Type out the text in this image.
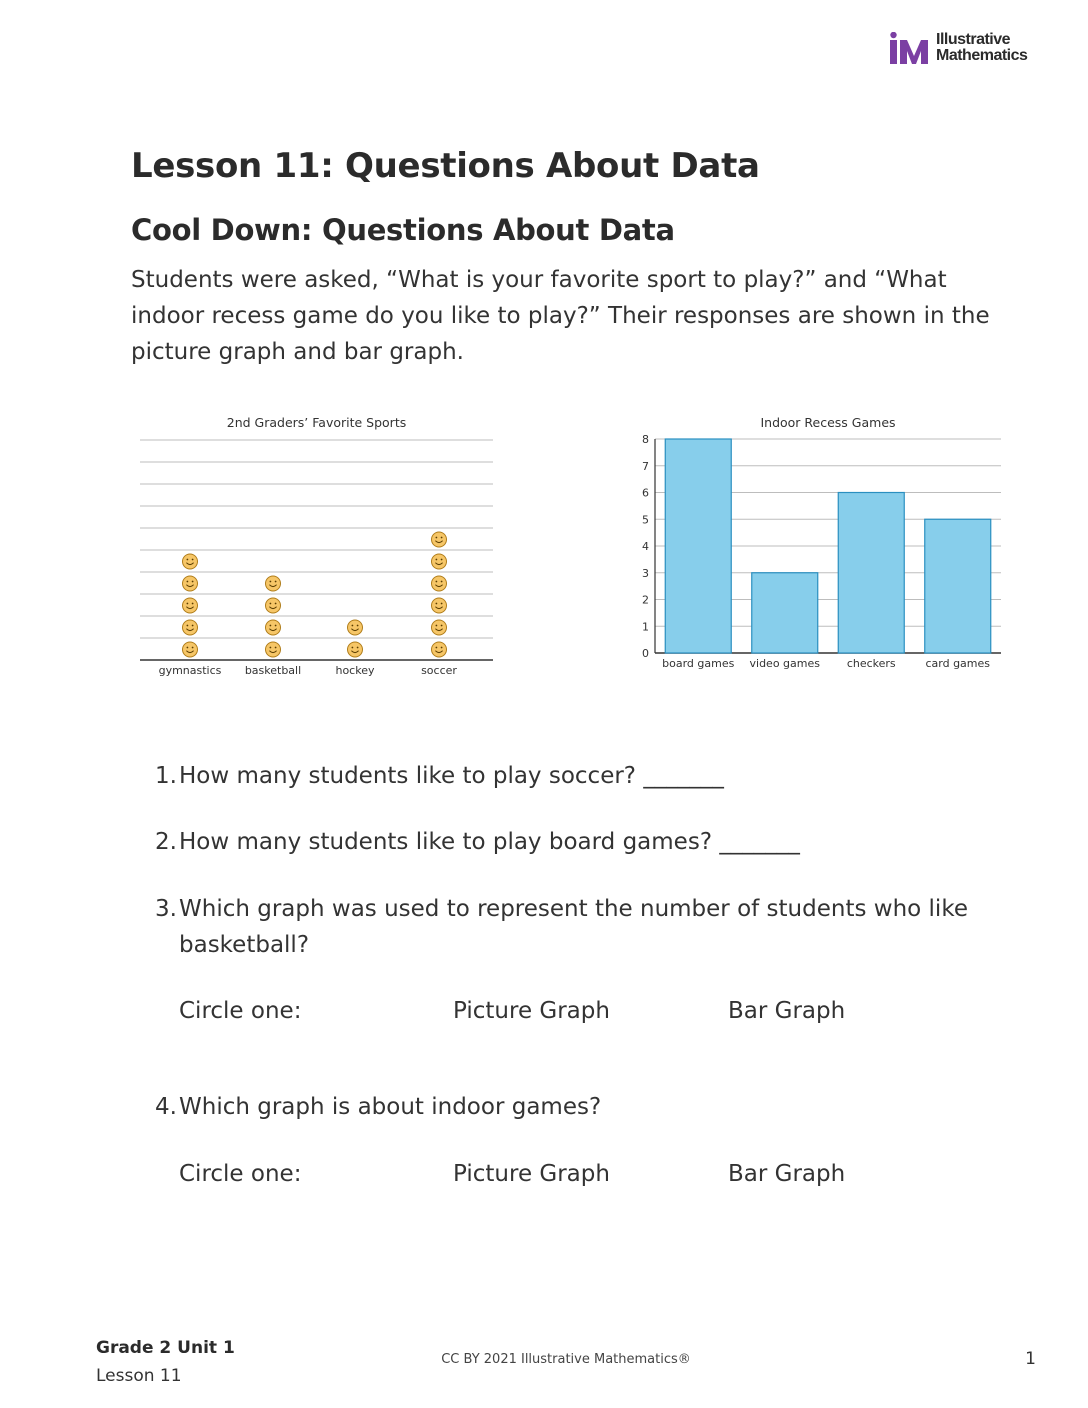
Illustrative
Mathematics
Lesson 11: Questions About Data
Cool Down: Questions About Data
Students were asked, “What is your favorite sport to play?” and “What indoor recess game do you like to play?” Their responses are shown in the picture graph and bar graph.
2nd Graders’ Favorite Sports
gymnastics basketball	hockey	soccer
Indoor Recess Games
0
1
2
3
4
5
6
7
8
board games video games checkers	card games
1. How many students like to play soccer? _______
2. How many students like to play board games? _______
3. Which graph was used to represent the number of students who like basketball?
Circle one:	Picture Graph	Bar Graph
4. Which graph is about indoor games?
Circle one:	Picture Graph	Bar Graph
Grade 2 Unit 1
Lesson 11
CC BY 2021 Illustrative Mathematics®	1
